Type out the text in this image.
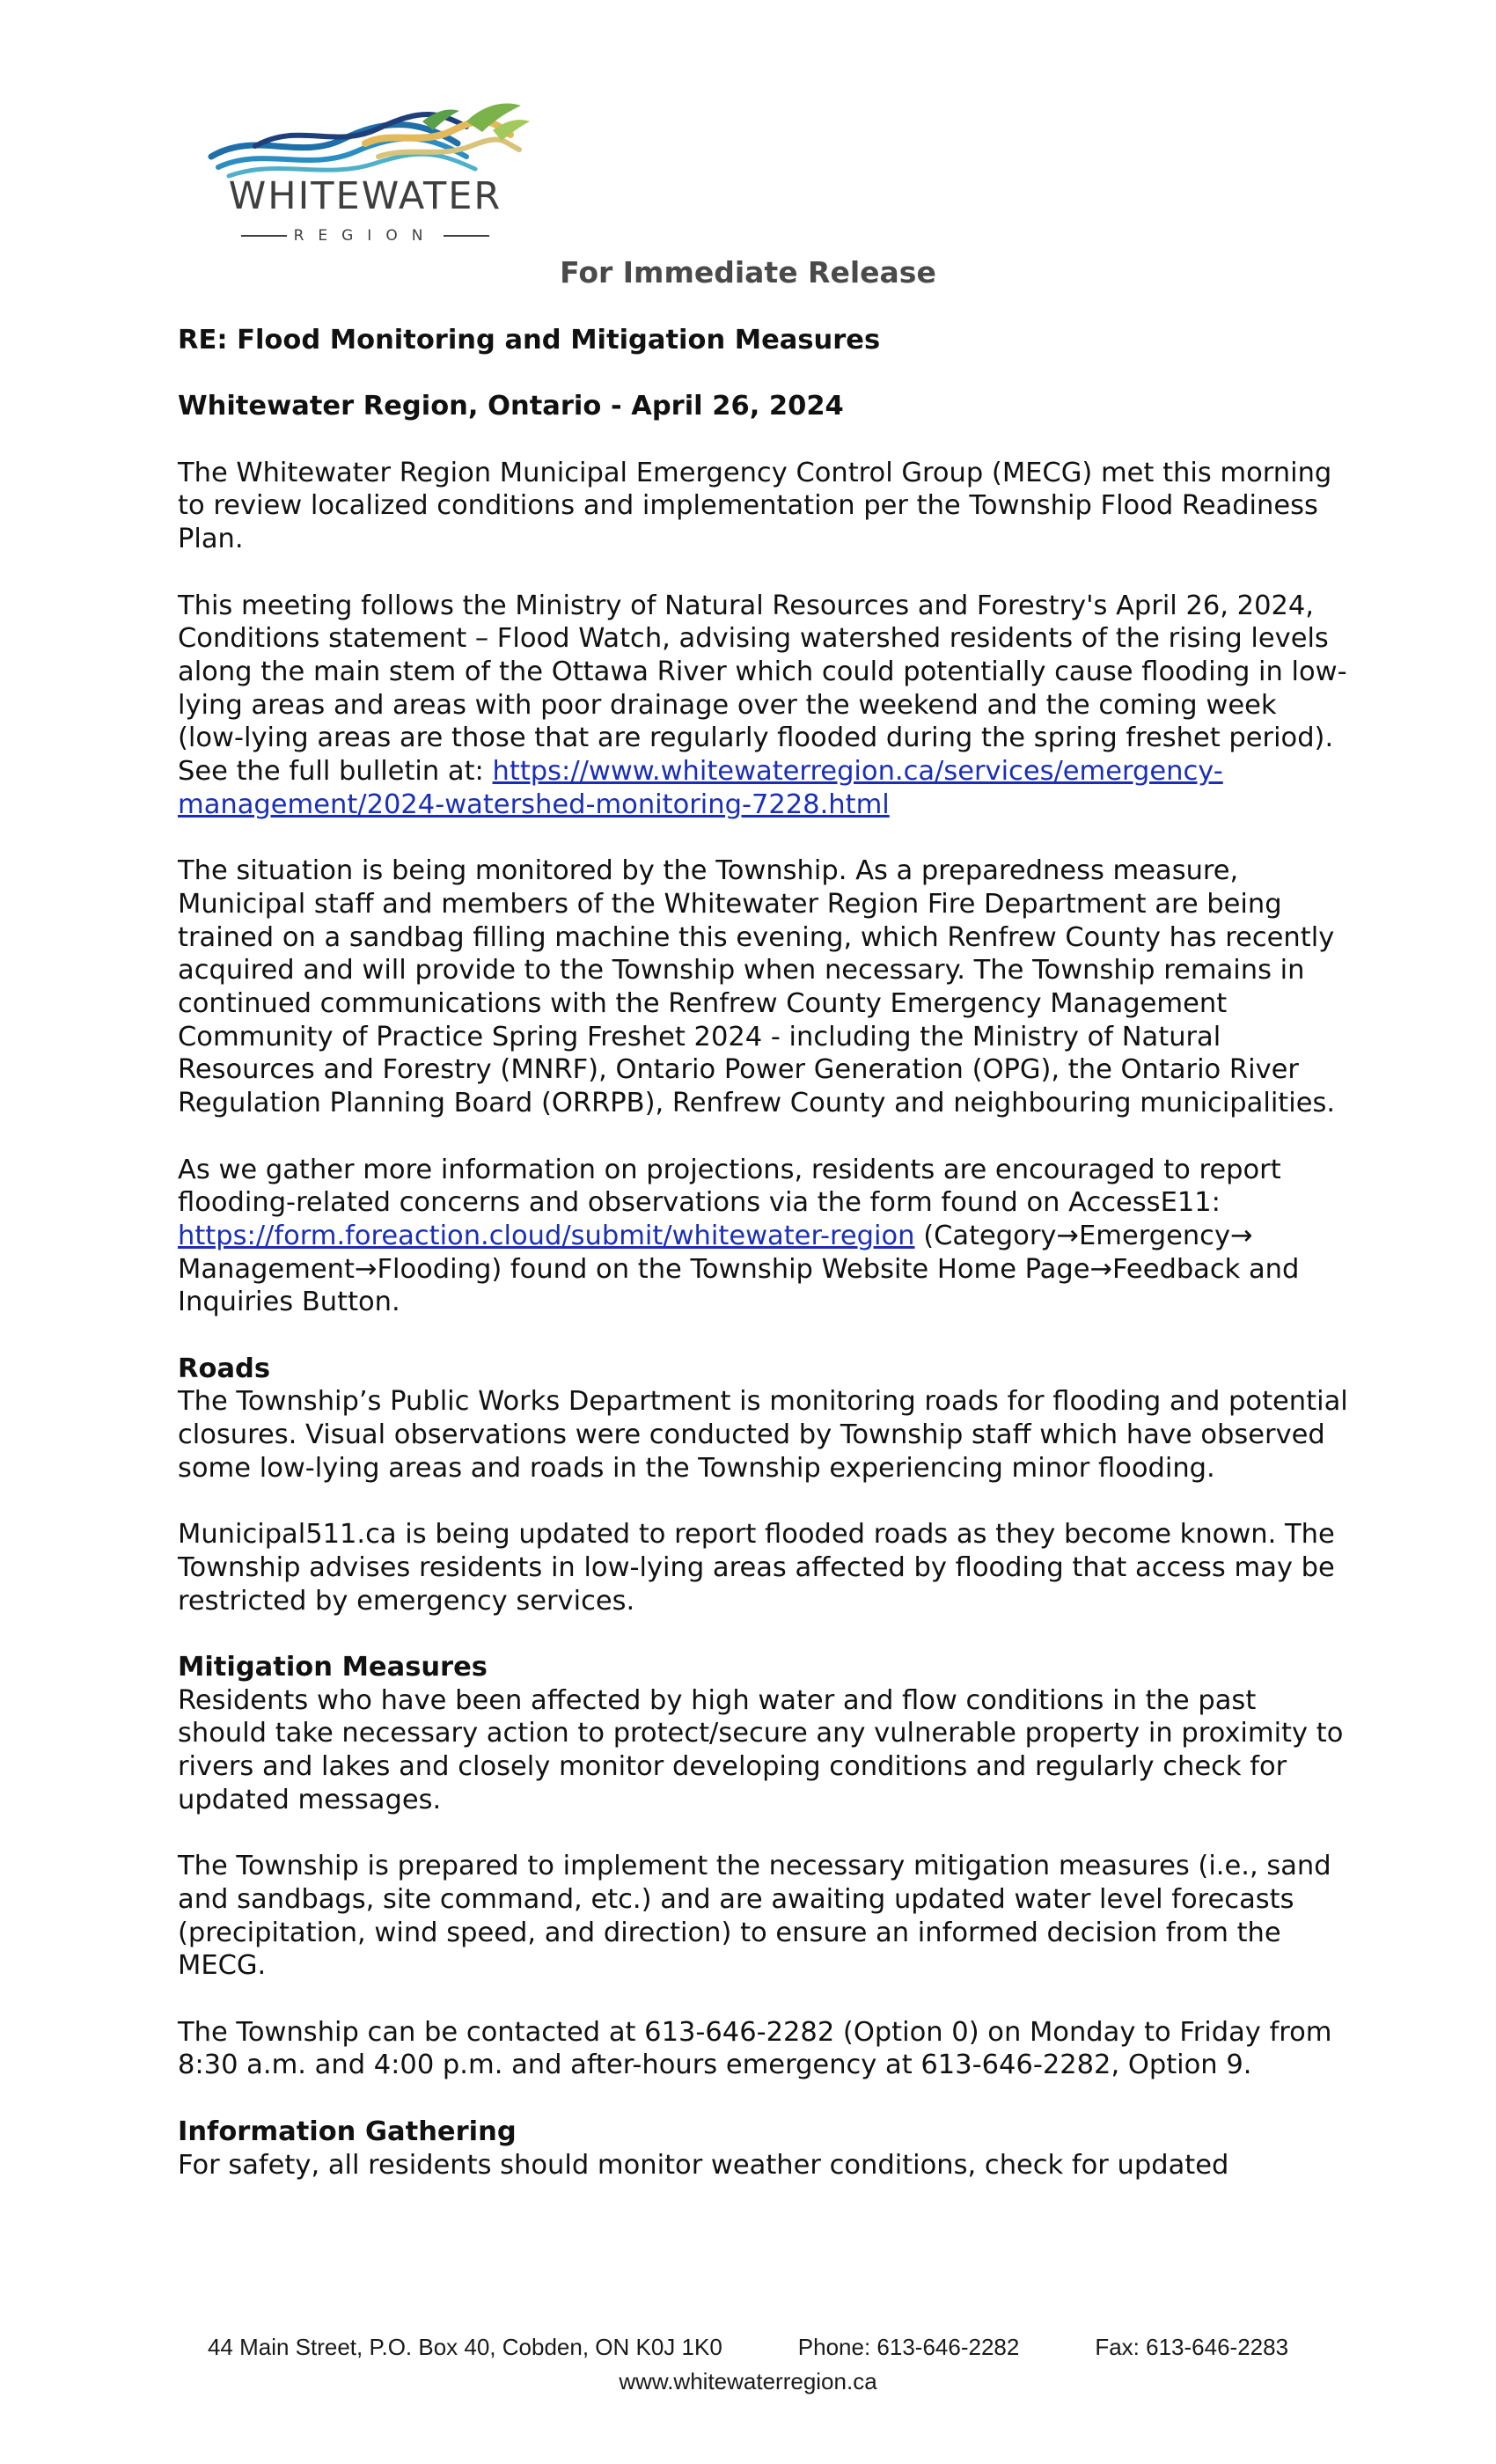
WHITEWATER
REGION
For Immediate Release

RE: Flood Monitoring and Mitigation Measures

Whitewater Region, Ontario - April 26, 2024

The Whitewater Region Municipal Emergency Control Group (MECG) met this morning to review localized conditions and implementation per the Township Flood Readiness Plan.

This meeting follows the Ministry of Natural Resources and Forestry's April 26, 2024, Conditions statement – Flood Watch, advising watershed residents of the rising levels along the main stem of the Ottawa River which could potentially cause flooding in low-lying areas and areas with poor drainage over the weekend and the coming week (low-lying areas are those that are regularly flooded during the spring freshet period). See the full bulletin at: https://www.whitewaterregion.ca/services/emergency-management/2024-watershed-monitoring-7228.html

The situation is being monitored by the Township. As a preparedness measure, Municipal staff and members of the Whitewater Region Fire Department are being trained on a sandbag filling machine this evening, which Renfrew County has recently acquired and will provide to the Township when necessary. The Township remains in continued communications with the Renfrew County Emergency Management Community of Practice Spring Freshet 2024 - including the Ministry of Natural Resources and Forestry (MNRF), Ontario Power Generation (OPG), the Ontario River Regulation Planning Board (ORRPB), Renfrew County and neighbouring municipalities.

As we gather more information on projections, residents are encouraged to report flooding-related concerns and observations via the form found on AccessE11: https://form.foreaction.cloud/submit/whitewater-region (Category→Emergency→ Management→Flooding) found on the Township Website Home Page→Feedback and Inquiries Button.

Roads

The Township’s Public Works Department is monitoring roads for flooding and potential closures. Visual observations were conducted by Township staff which have observed some low-lying areas and roads in the Township experiencing minor flooding.

Municipal511.ca is being updated to report flooded roads as they become known. The Township advises residents in low-lying areas affected by flooding that access may be restricted by emergency services.

Mitigation Measures

Residents who have been affected by high water and flow conditions in the past should take necessary action to protect/secure any vulnerable property in proximity to rivers and lakes and closely monitor developing conditions and regularly check for updated messages.

The Township is prepared to implement the necessary mitigation measures (i.e., sand and sandbags, site command, etc.) and are awaiting updated water level forecasts (precipitation, wind speed, and direction) to ensure an informed decision from the MECG.

The Township can be contacted at 613-646-2282 (Option 0) on Monday to Friday from 8:30 a.m. and 4:00 p.m. and after-hours emergency at 613-646-2282, Option 9.

Information Gathering

For safety, all residents should monitor weather conditions, check for updated

44 Main Street, P.O. Box 40, Cobden, ON K0J 1K0	Phone: 613-646-2282	Fax: 613-646-2283
www.whitewaterregion.ca
